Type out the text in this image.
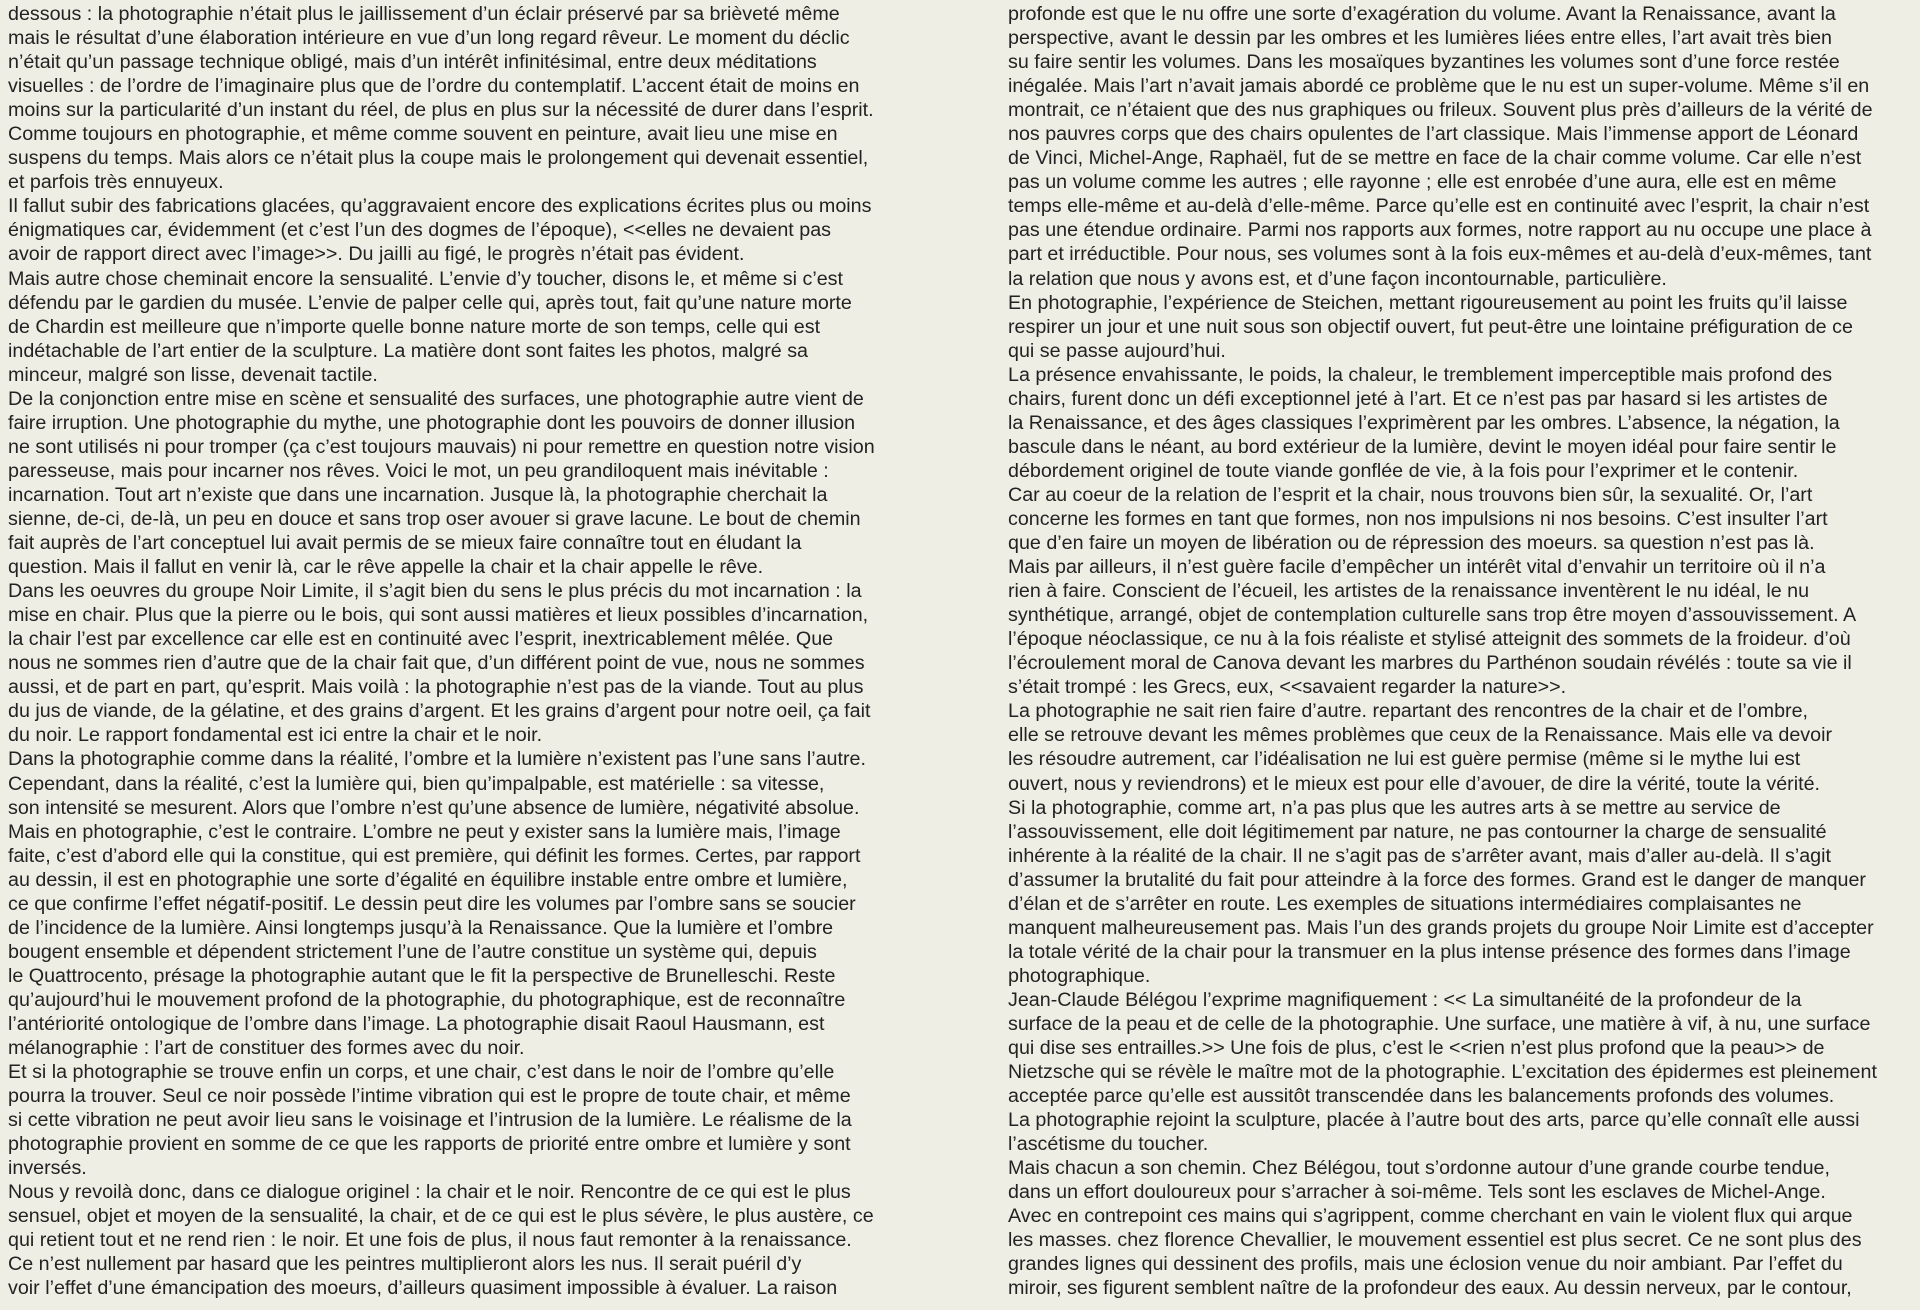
dessous : la photographie n’était plus le jaillissement d’un éclair préservé par sa brièveté même
mais le résultat d’une élaboration intérieure en vue d’un long regard rêveur. Le moment du déclic
n’était qu’un passage technique obligé, mais d’un intérêt infinitésimal, entre deux méditations
visuelles : de l’ordre de l’imaginaire plus que de l’ordre du contemplatif. L’accent était de moins en
moins sur la particularité d’un instant du réel, de plus en plus sur la nécessité de durer dans l’esprit.
Comme toujours en photographie, et même comme souvent en peinture, avait lieu une mise en
suspens du temps. Mais alors ce n’était plus la coupe mais le prolongement qui devenait essentiel,
et parfois très ennuyeux.
Il fallut subir des fabrications glacées, qu’aggravaient encore des explications écrites plus ou moins
énigmatiques car, évidemment (et c’est l’un des dogmes de l’époque), <<elles ne devaient pas
avoir de rapport direct avec l’image>>. Du jailli au figé, le progrès n’était pas évident.
Mais autre chose cheminait encore la sensualité. L’envie d’y toucher, disons le, et même si c’est
défendu par le gardien du musée. L’envie de palper celle qui, après tout, fait qu’une nature morte
de Chardin est meilleure que n’importe quelle bonne nature morte de son temps, celle qui est
indétachable de l’art entier de la sculpture. La matière dont sont faites les photos, malgré sa
minceur, malgré son lisse, devenait tactile.
De la conjonction entre mise en scène et sensualité des surfaces, une photographie autre vient de
faire irruption. Une photographie du mythe, une photographie dont les pouvoirs de donner illusion
ne sont utilisés ni pour tromper (ça c’est toujours mauvais) ni pour remettre en question notre vision
paresseuse, mais pour incarner nos rêves. Voici le mot, un peu grandiloquent mais inévitable :
incarnation. Tout art n’existe que dans une incarnation. Jusque là, la photographie cherchait la
sienne, de-ci, de-là, un peu en douce et sans trop oser avouer si grave lacune. Le bout de chemin
fait auprès de l’art conceptuel lui avait permis de se mieux faire connaître tout en éludant la
question. Mais il fallut en venir là, car le rêve appelle la chair et la chair appelle le rêve.
Dans les oeuvres du groupe Noir Limite, il s’agit bien du sens le plus précis du mot incarnation : la
mise en chair. Plus que la pierre ou le bois, qui sont aussi matières et lieux possibles d’incarnation,
la chair l’est par excellence car elle est en continuité avec l’esprit, inextricablement mêlée. Que
nous ne sommes rien d’autre que de la chair fait que, d’un différent point de vue, nous ne sommes
aussi, et de part en part, qu’esprit. Mais voilà : la photographie n’est pas de la viande. Tout au plus
du jus de viande, de la gélatine, et des grains d’argent. Et les grains d’argent pour notre oeil, ça fait
du noir. Le rapport fondamental est ici entre la chair et le noir.
Dans la photographie comme dans la réalité, l’ombre et la lumière n’existent pas l’une sans l’autre.
Cependant, dans la réalité, c’est la lumière qui, bien qu’impalpable, est matérielle : sa vitesse,
son intensité se mesurent. Alors que l’ombre n’est qu’une absence de lumière, négativité absolue.
Mais en photographie, c’est le contraire. L’ombre ne peut y exister sans la lumière mais, l’image
faite, c’est d’abord elle qui la constitue, qui est première, qui définit les formes. Certes, par rapport
au dessin, il est en photographie une sorte d’égalité en équilibre instable entre ombre et lumière,
ce que confirme l’effet négatif-positif. Le dessin peut dire les volumes par l’ombre sans se soucier
de l’incidence de la lumière. Ainsi longtemps jusqu’à la Renaissance. Que la lumière et l’ombre
bougent ensemble et dépendent strictement l’une de l’autre constitue un système qui, depuis
le Quattrocento, présage la photographie autant que le fit la perspective de Brunelleschi. Reste
qu’aujourd’hui le mouvement profond de la photographie, du photographique, est de reconnaître
l’antériorité ontologique de l’ombre dans l’image. La photographie disait Raoul Hausmann, est
mélanographie : l’art de constituer des formes avec du noir.
Et si la photographie se trouve enfin un corps, et une chair, c’est dans le noir de l’ombre qu’elle
pourra la trouver. Seul ce noir possède l’intime vibration qui est le propre de toute chair, et même
si cette vibration ne peut avoir lieu sans le voisinage et l’intrusion de la lumière. Le réalisme de la
photographie provient en somme de ce que les rapports de priorité entre ombre et lumière y sont
inversés.
Nous y revoilà donc, dans ce dialogue originel : la chair et le noir. Rencontre de ce qui est le plus
sensuel, objet et moyen de la sensualité, la chair, et de ce qui est le plus sévère, le plus austère, ce
qui retient tout et ne rend rien : le noir. Et une fois de plus, il nous faut remonter à la renaissance.
Ce n’est nullement par hasard que les peintres multiplieront alors les nus. Il serait puéril d’y
voir l’effet d’une émancipation des moeurs, d’ailleurs quasiment impossible à évaluer. La raison
profonde est que le nu offre une sorte d’exagération du volume. Avant la Renaissance, avant la
perspective, avant le dessin par les ombres et les lumières liées entre elles, l’art avait très bien
su faire sentir les volumes. Dans les mosaïques byzantines les volumes sont d’une force restée
inégalée. Mais l’art n’avait jamais abordé ce problème que le nu est un super-volume. Même s’il en
montrait, ce n’étaient que des nus graphiques ou frileux. Souvent plus près d’ailleurs de la vérité de
nos pauvres corps que des chairs opulentes de l’art classique. Mais l’immense apport de Léonard
de Vinci, Michel-Ange, Raphaël, fut de se mettre en face de la chair comme volume. Car elle n’est
pas un volume comme les autres ; elle rayonne ; elle est enrobée d’une aura, elle est en même
temps elle-même et au-delà d’elle-même. Parce qu’elle est en continuité avec l’esprit, la chair n’est
pas une étendue ordinaire. Parmi nos rapports aux formes, notre rapport au nu occupe une place à
part et irréductible. Pour nous, ses volumes sont à la fois eux-mêmes et au-delà d’eux-mêmes, tant
la relation que nous y avons est, et d’une façon incontournable, particulière.
En photographie, l’expérience de Steichen, mettant rigoureusement au point les fruits qu’il laisse
respirer un jour et une nuit sous son objectif ouvert, fut peut-être une lointaine préfiguration de ce
qui se passe aujourd’hui.
La présence envahissante, le poids, la chaleur, le tremblement imperceptible mais profond des
chairs, furent donc un défi exceptionnel jeté à l’art. Et ce n’est pas par hasard si les artistes de
la Renaissance, et des âges classiques l’exprimèrent par les ombres. L’absence, la négation, la
bascule dans le néant, au bord extérieur de la lumière, devint le moyen idéal pour faire sentir le
débordement originel de toute viande gonflée de vie, à la fois pour l’exprimer et le contenir.
Car au coeur de la relation de l’esprit et la chair, nous trouvons bien sûr, la sexualité. Or, l’art
concerne les formes en tant que formes, non nos impulsions ni nos besoins. C’est insulter l’art
que d’en faire un moyen de libération ou de répression des moeurs. sa question n’est pas là.
Mais par ailleurs, il n’est guère facile d’empêcher un intérêt vital d’envahir un territoire où il n’a
rien à faire. Conscient de l’écueil, les artistes de la renaissance inventèrent le nu idéal, le nu
synthétique, arrangé, objet de contemplation culturelle sans trop être moyen d’assouvissement. A
l’époque néoclassique, ce nu à la fois réaliste et stylisé atteignit des sommets de la froideur. d’où
l’écroulement moral de Canova devant les marbres du Parthénon soudain révélés : toute sa vie il
s’était trompé : les Grecs, eux, <<savaient regarder la nature>>.
La photographie ne sait rien faire d’autre. repartant des rencontres de la chair et de l’ombre,
elle se retrouve devant les mêmes problèmes que ceux de la Renaissance. Mais elle va devoir
les résoudre autrement, car l’idéalisation ne lui est guère permise (même si le mythe lui est
ouvert, nous y reviendrons) et le mieux est pour elle d’avouer, de dire la vérité, toute la vérité.
Si la photographie, comme art, n’a pas plus que les autres arts à se mettre au service de
l’assouvissement, elle doit légitimement par nature, ne pas contourner la charge de sensualité
inhérente à la réalité de la chair. Il ne s’agit pas de s’arrêter avant, mais d’aller au-delà. Il s’agit
d’assumer la brutalité du fait pour atteindre à la force des formes. Grand est le danger de manquer
d’élan et de s’arrêter en route. Les exemples de situations intermédiaires complaisantes ne
manquent malheureusement pas. Mais l’un des grands projets du groupe Noir Limite est d’accepter
la totale vérité de la chair pour la transmuer en la plus intense présence des formes dans l’image
photographique.
Jean-Claude Bélégou l’exprime magnifiquement : << La simultanéité de la profondeur de la
surface de la peau et de celle de la photographie. Une surface, une matière à vif, à nu, une surface
qui dise ses entrailles.>> Une fois de plus, c’est le <<rien n’est plus profond que la peau>> de
Nietzsche qui se révèle le maître mot de la photographie. L’excitation des épidermes est pleinement
acceptée parce qu’elle est aussitôt transcendée dans les balancements profonds des volumes.
La photographie rejoint la sculpture, placée à l’autre bout des arts, parce qu’elle connaît elle aussi
l’ascétisme du toucher.
Mais chacun a son chemin. Chez Bélégou, tout s’ordonne autour d’une grande courbe tendue,
dans un effort douloureux pour s’arracher à soi-même. Tels sont les esclaves de Michel-Ange.
Avec en contrepoint ces mains qui s’agrippent, comme cherchant en vain le violent flux qui arque
les masses. chez florence Chevallier, le mouvement essentiel est plus secret. Ce ne sont plus des
grandes lignes qui dessinent des profils, mais une éclosion venue du noir ambiant. Par l’effet du
miroir, ses figurent semblent naître de la profondeur des eaux. Au dessin nerveux, par le contour,
